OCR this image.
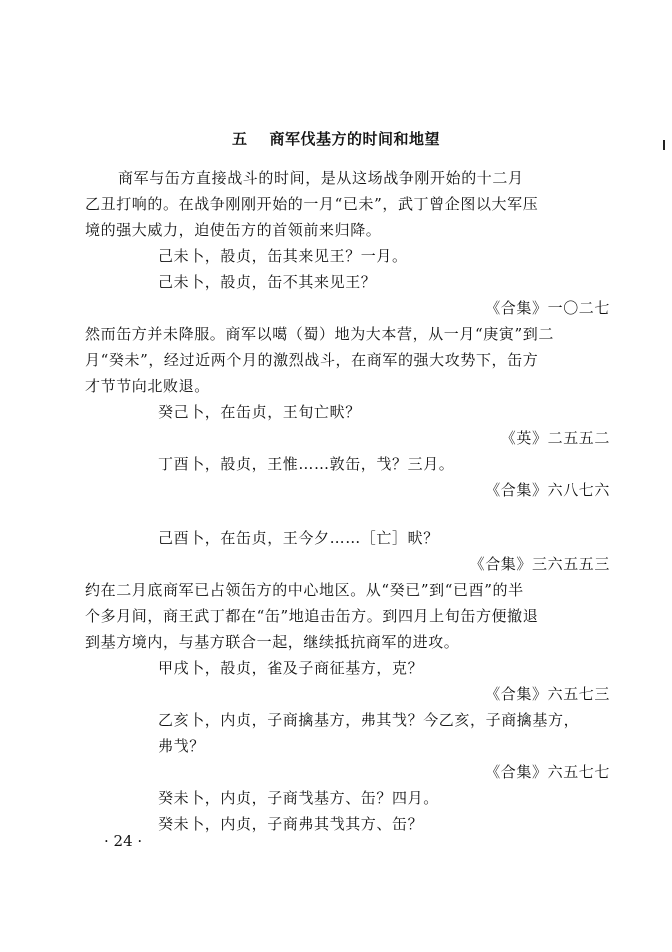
五 商军伐基方的时间和地望
商军与缶方直接战斗的时间，是从这场战争刚开始的十二月
乙丑打响的。在战争刚刚开始的一月“已未”，武丁曾企图以大军压
境的强大威力，迫使缶方的首领前来归降。
己未卜，㱿贞，缶其来见王？一月。
己未卜，㱿贞，缶不其来见王？
《合集》一〇二七
然而缶方并未降服。商军以噶（蜀）地为大本营，从一月“庚寅”到二
月“癸未”，经过近两个月的激烈战斗，在商军的强大攻势下，缶方
才节节向北败退。
癸己卜，在缶贞，王旬亡畎？
《英》二五五二
丁酉卜，㱿贞，王惟……敦缶，𢦏？三月。
《合集》六八七六
己酉卜，在缶贞，王今夕……［亡］畎？
《合集》三六五五三
约在二月底商军已占领缶方的中心地区。从“癸已”到“已酉”的半
个多月间，商王武丁都在“缶”地追击缶方。到四月上旬缶方便撤退
到基方境内，与基方联合一起，继续抵抗商军的进攻。
甲戌卜，㱿贞，雀及子商征基方，克？
《合集》六五七三
乙亥卜，内贞，子商擒基方，弗其𢦏？今乙亥，子商擒基方，
弗𢦏？
《合集》六五七七
癸未卜，内贞，子商𢦏基方、缶？四月。
癸未卜，内贞，子商弗其𢦏其方、缶？
· 24 ·
